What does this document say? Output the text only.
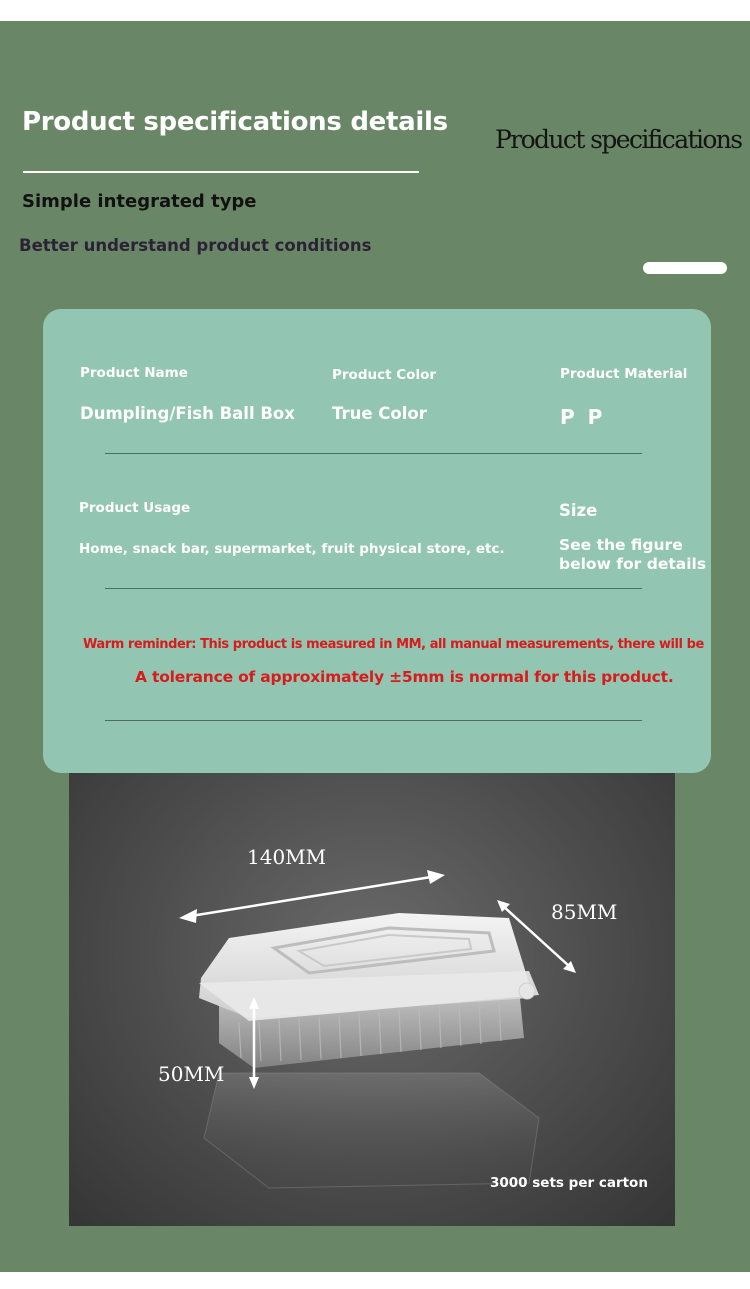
Product specifications details
Product specifications
Simple integrated type
Better understand product conditions
Product Name
Dumpling/Fish Ball Box
Product Color
True Color
Product Material
P P
Product Usage
Home, snack bar, supermarket, fruit physical store, etc.
Size
See the figure
below for details
Warm reminder: This product is measured in MM, all manual measurements, there will be
A tolerance of approximately ±5mm is normal for this product.
140MM
85MM
50MM
3000 sets per carton
